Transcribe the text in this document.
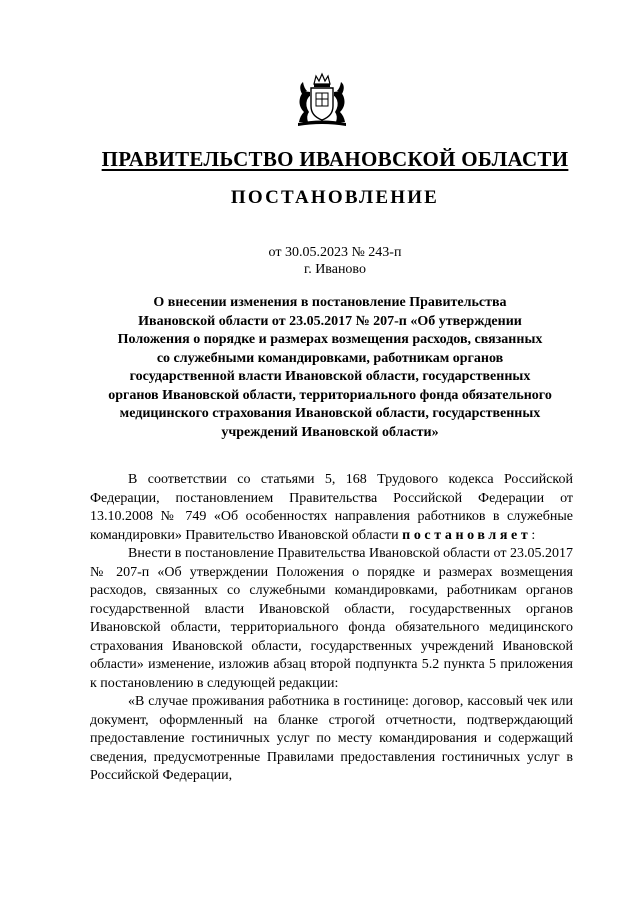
ПРАВИТЕЛЬСТВО ИВАНОВСКОЙ ОБЛАСТИ
ПОСТАНОВЛЕНИЕ
от 30.05.2023 № 243-п
г. Иваново
О внесении изменения в постановление Правительства
Ивановской области от 23.05.2017 № 207-п «Об утверждении
Положения о порядке и размерах возмещения расходов, связанных
со служебными командировками, работникам органов
государственной власти Ивановской области, государственных
органов Ивановской области, территориального фонда обязательного
медицинского страхования Ивановской области, государственных
учреждений Ивановской области»

В соответствии со статьями 5, 168 Трудового кодекса Российской Федерации, постановлением Правительства Российской Федерации от 13.10.2008 № 749 «Об особенностях направления работников в служебные командировки» Правительство Ивановской области постановляет:

Внести в постановление Правительства Ивановской области от 23.05.2017 № 207-п «Об утверждении Положения о порядке и размерах возмещения расходов, связанных со служебными командировками, работникам органов государственной власти Ивановской области, государственных органов Ивановской области, территориального фонда обязательного медицинского страхования Ивановской области, государственных учреждений Ивановской области» изменение, изложив абзац второй подпункта 5.2 пункта 5 приложения к постановлению в следующей редакции:

«В случае проживания работника в гостинице: договор, кассовый чек или документ, оформленный на бланке строгой отчетности, подтверждающий предоставление гостиничных услуг по месту командирования и содержащий сведения, предусмотренные Правилами предоставления гостиничных услуг в Российской Федерации,
